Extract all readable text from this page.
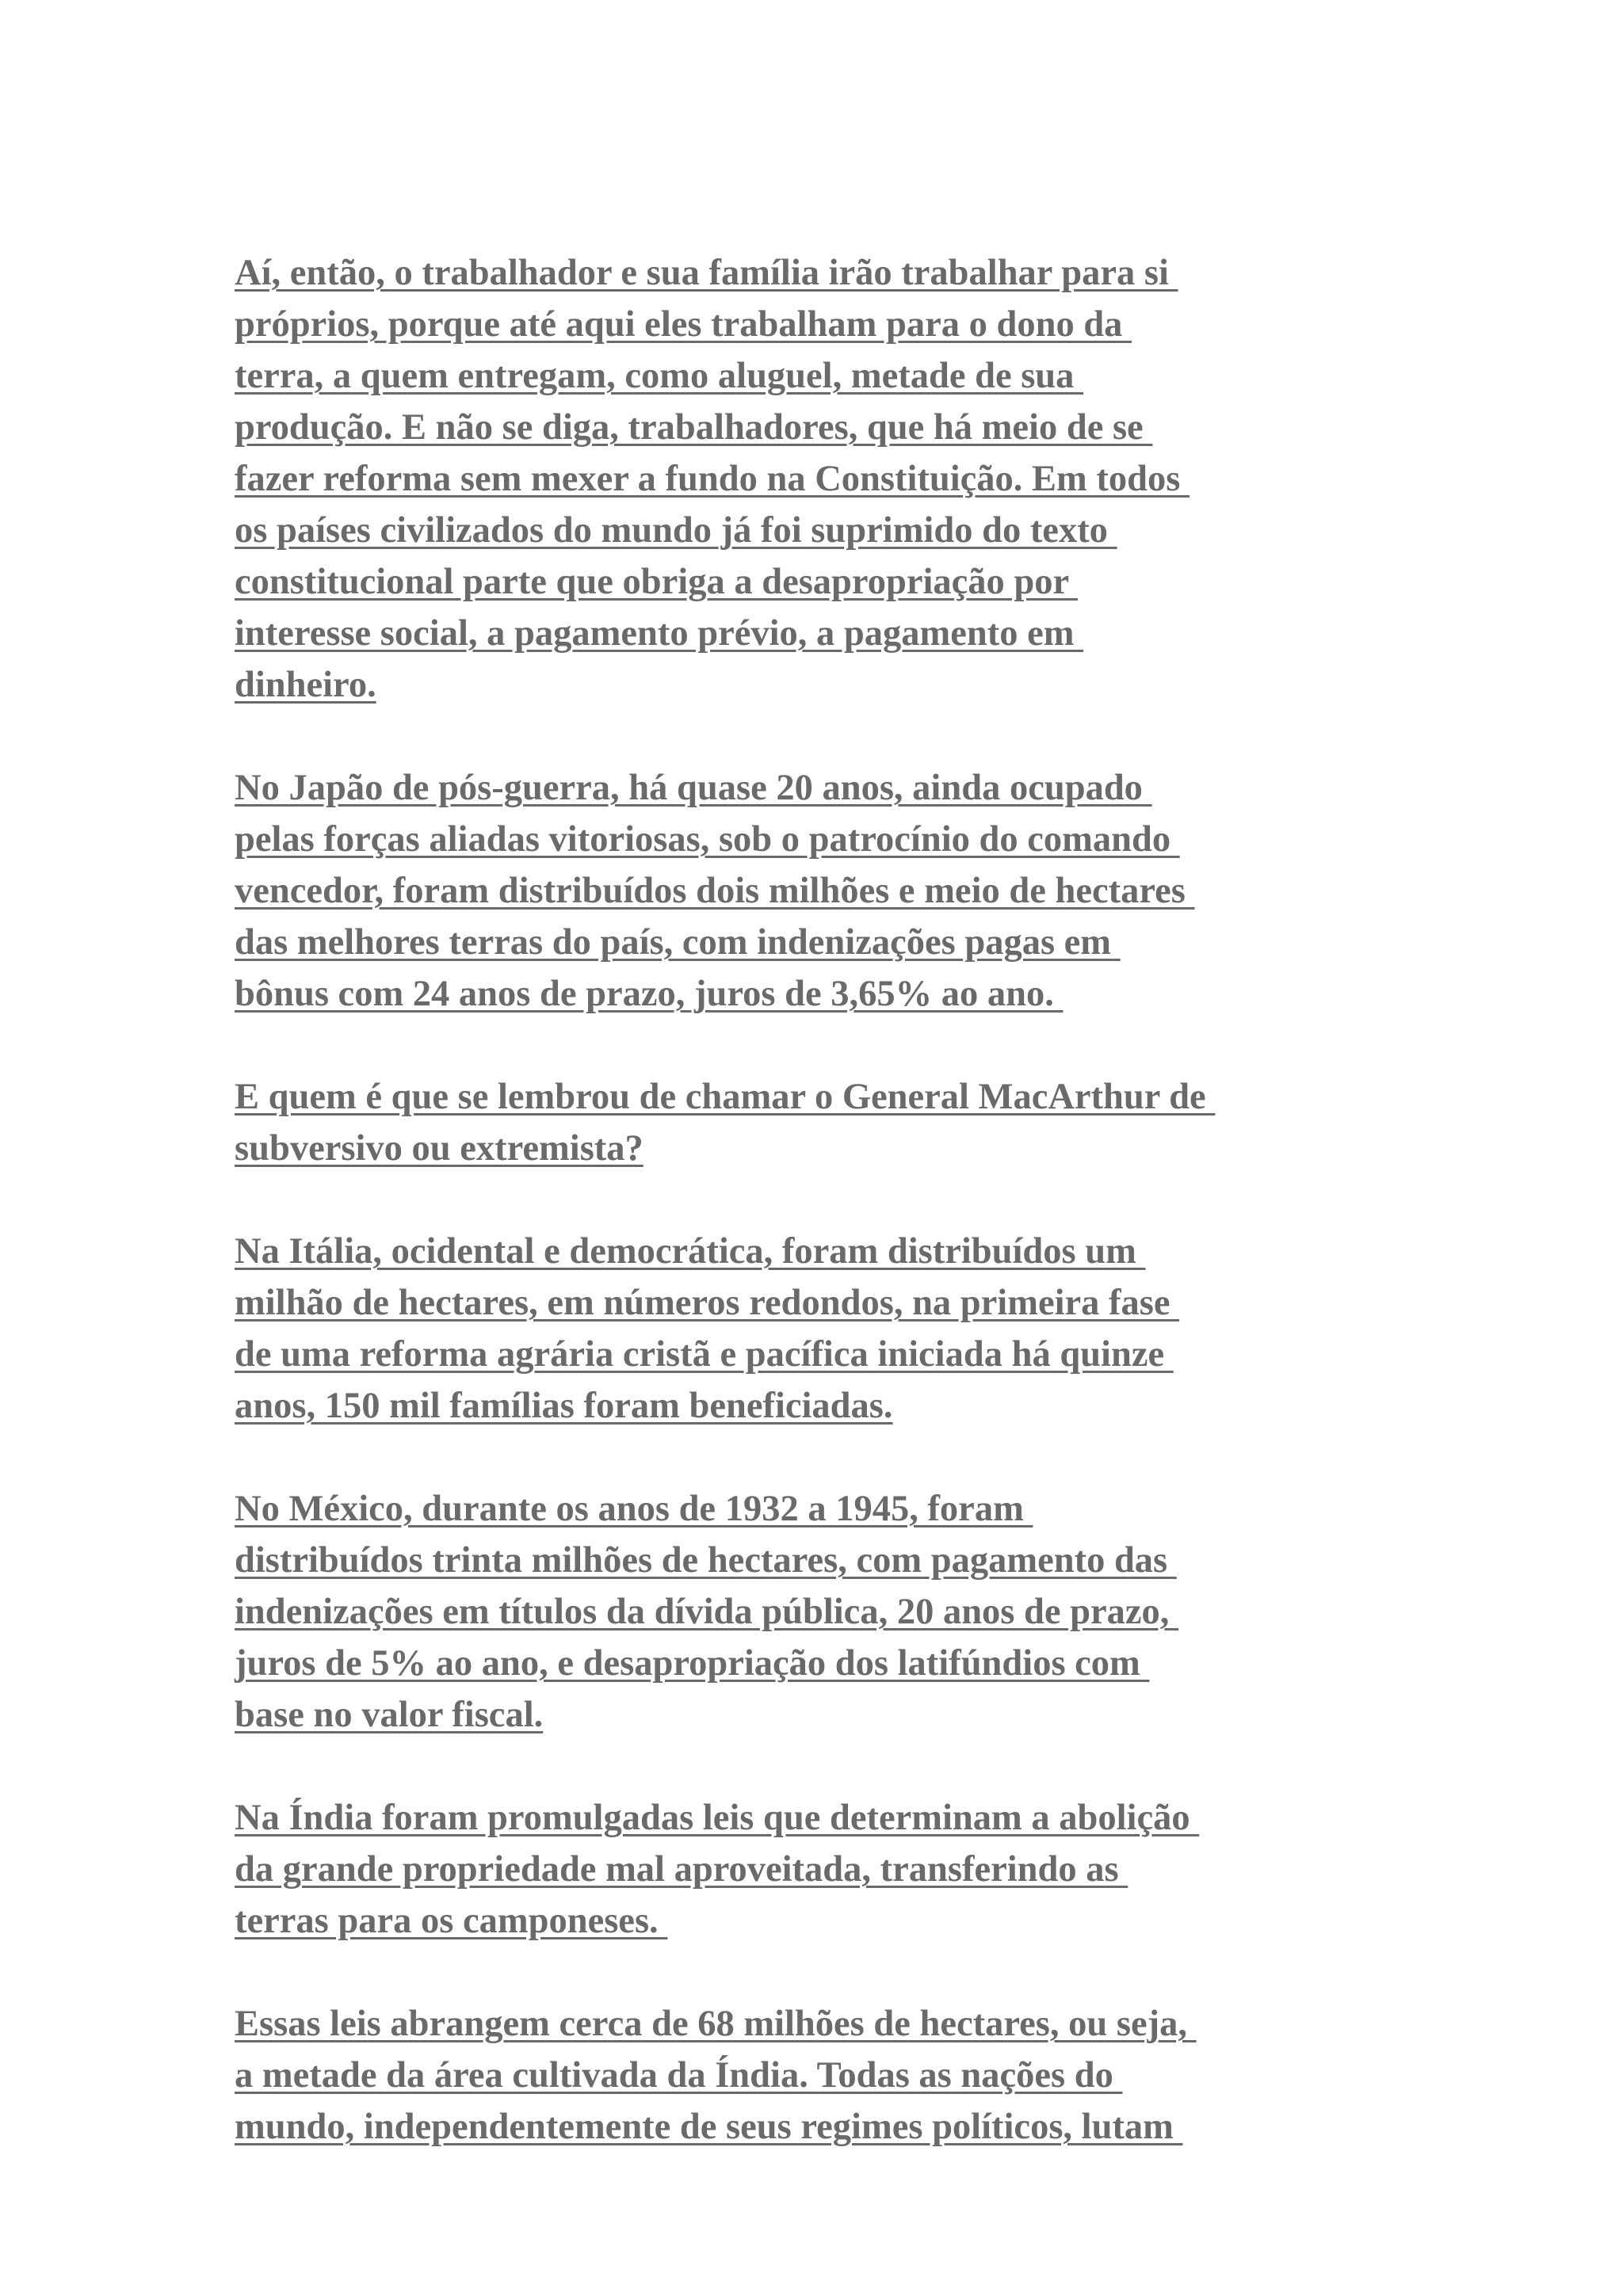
Aí, então, o trabalhador e sua família irão trabalhar para si
próprios, porque até aqui eles trabalham para o dono da
terra, a quem entregam, como aluguel, metade de sua
produção. E não se diga, trabalhadores, que há meio de se
fazer reforma sem mexer a fundo na Constituição. Em todos
os países civilizados do mundo já foi suprimido do texto
constitucional parte que obriga a desapropriação por
interesse social, a pagamento prévio, a pagamento em
dinheiro.

No Japão de pós-guerra, há quase 20 anos, ainda ocupado
pelas forças aliadas vitoriosas, sob o patrocínio do comando
vencedor, foram distribuídos dois milhões e meio de hectares
das melhores terras do país, com indenizações pagas em
bônus com 24 anos de prazo, juros de 3,65% ao ano.

E quem é que se lembrou de chamar o General MacArthur de
subversivo ou extremista?

Na Itália, ocidental e democrática, foram distribuídos um
milhão de hectares, em números redondos, na primeira fase
de uma reforma agrária cristã e pacífica iniciada há quinze
anos, 150 mil famílias foram beneficiadas.

No México, durante os anos de 1932 a 1945, foram
distribuídos trinta milhões de hectares, com pagamento das
indenizações em títulos da dívida pública, 20 anos de prazo,
juros de 5% ao ano, e desapropriação dos latifúndios com
base no valor fiscal.

Na Índia foram promulgadas leis que determinam a abolição
da grande propriedade mal aproveitada, transferindo as
terras para os camponeses.

Essas leis abrangem cerca de 68 milhões de hectares, ou seja,
a metade da área cultivada da Índia. Todas as nações do
mundo, independentemente de seus regimes políticos, lutam
